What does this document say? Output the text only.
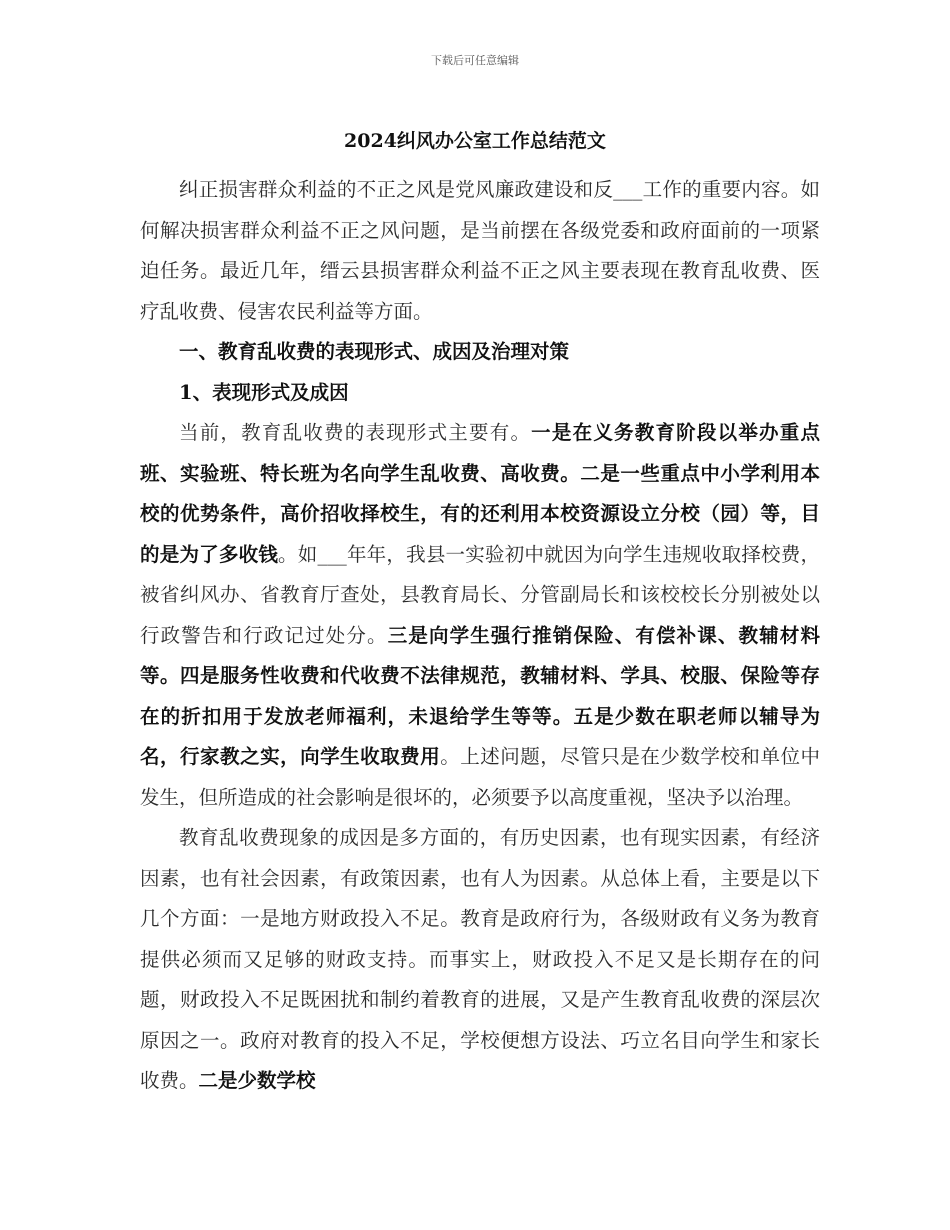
下载后可任意编辑
2024纠风办公室工作总结范文

纠正损害群众利益的不正之风是党风廉政建设和反___工作的重要内容。如何解决损害群众利益不正之风问题，是当前摆在各级党委和政府面前的一项紧迫任务。最近几年，缙云县损害群众利益不正之风主要表现在教育乱收费、医疗乱收费、侵害农民利益等方面。

一、教育乱收费的表现形式、成因及治理对策

1、表现形式及成因

当前，教育乱收费的表现形式主要有。一是在义务教育阶段以举办重点班、实验班、特长班为名向学生乱收费、高收费。二是一些重点中小学利用本校的优势条件，高价招收择校生，有的还利用本校资源设立分校（园）等，目的是为了多收钱。如___年年，我县一实验初中就因为向学生违规收取择校费，被省纠风办、省教育厅查处，县教育局长、分管副局长和该校校长分别被处以行政警告和行政记过处分。三是向学生强行推销保险、有偿补课、教辅材料等。四是服务性收费和代收费不法律规范，教辅材料、学具、校服、保险等存在的折扣用于发放老师福利，未退给学生等等。五是少数在职老师以辅导为名，行家教之实，向学生收取费用。上述问题，尽管只是在少数学校和单位中发生，但所造成的社会影响是很坏的，必须要予以高度重视，坚决予以治理。

教育乱收费现象的成因是多方面的，有历史因素，也有现实因素，有经济因素，也有社会因素，有政策因素，也有人为因素。从总体上看，主要是以下几个方面：一是地方财政投入不足。教育是政府行为，各级财政有义务为教育提供必须而又足够的财政支持。而事实上，财政投入不足又是长期存在的问题，财政投入不足既困扰和制约着教育的进展，又是产生教育乱收费的深层次原因之一。政府对教育的投入不足，学校便想方设法、巧立名目向学生和家长收费。二是少数学校
